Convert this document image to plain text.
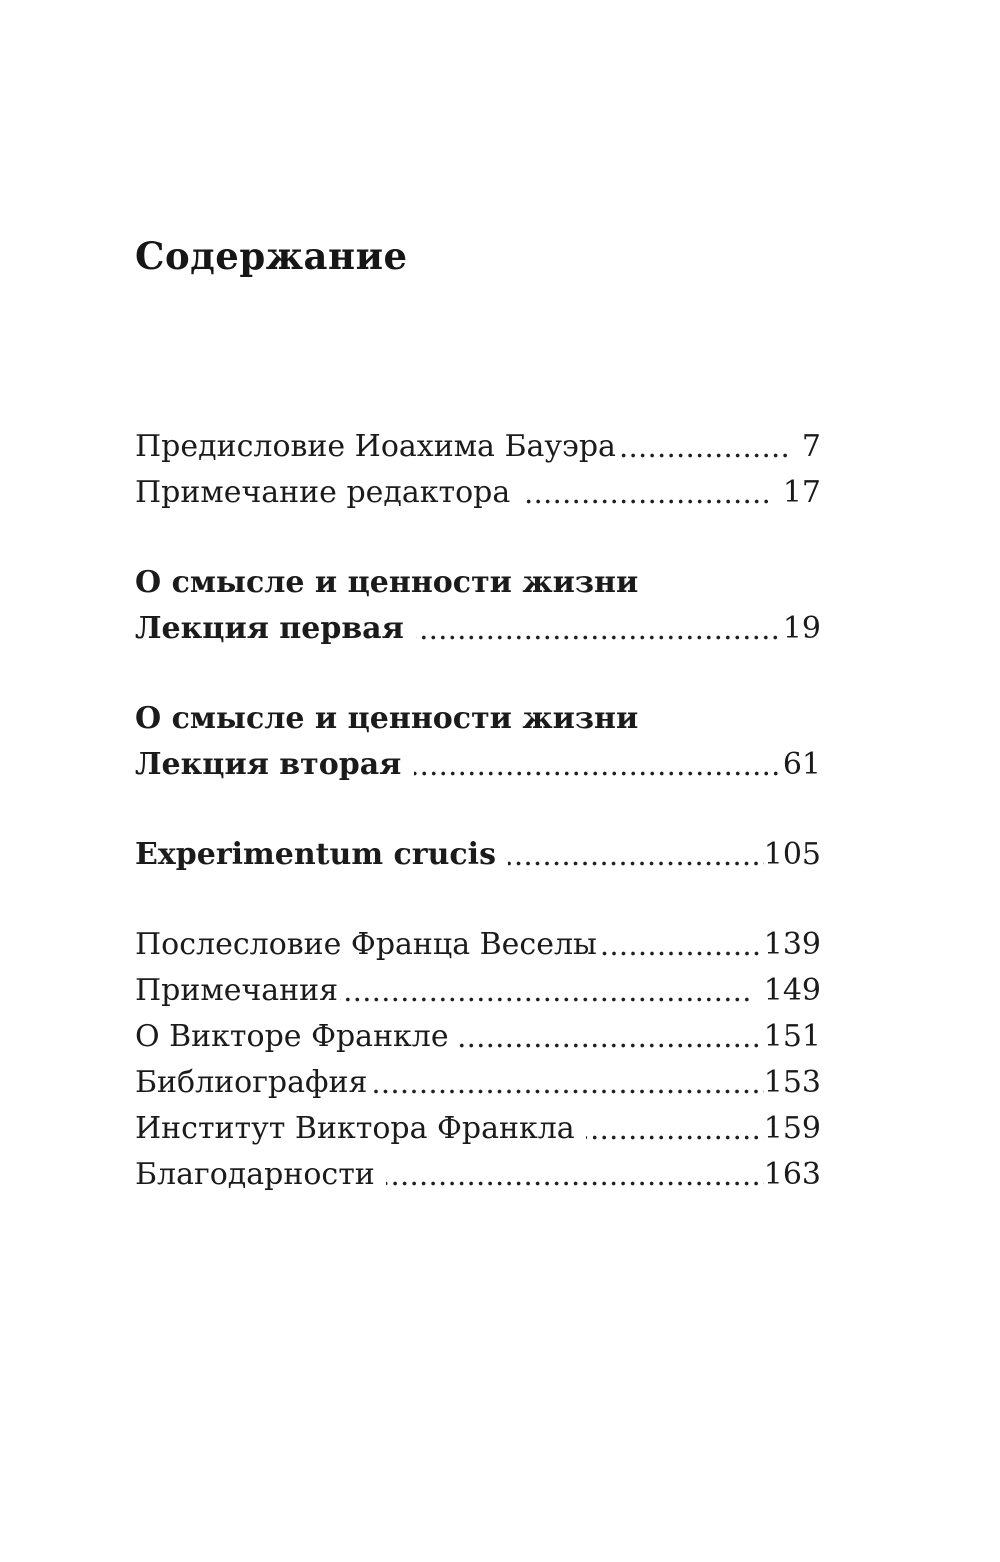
Содержание
Предисловие Иоахима Бауэра	7
Примечание редактора	17
О смысле и ценности жизни
Лекция первая	19
О смысле и ценности жизни
Лекция вторая	61
Experimentum crucis	105
Послесловие Франца Веселы	139
Примечания	149
О Викторе Франкле	151
Библиография	153
Институт Виктора Франкла	159
Благодарности	163
